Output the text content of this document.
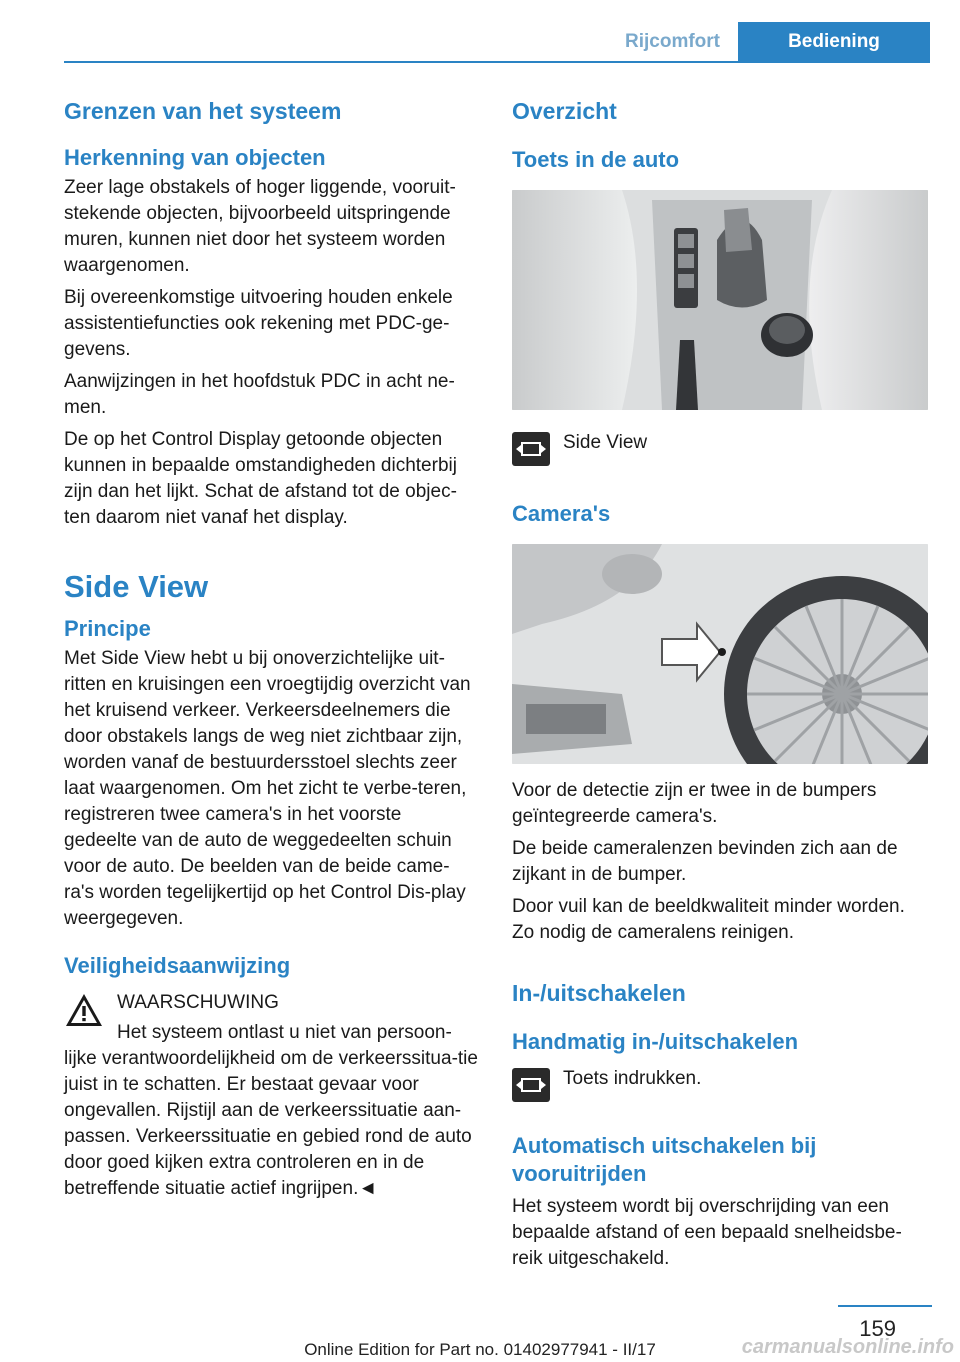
Rijcomfort	Bediening
Grenzen van het systeem
Herkenning van objecten

Zeer lage obstakels of hoger liggende, vooruit-stekende objecten, bijvoorbeeld uitspringende muren, kunnen niet door het systeem worden waargenomen.

Bij overeenkomstige uitvoering houden enkele assistentiefuncties ook rekening met PDC-ge-gevens.

Aanwijzingen in het hoofdstuk PDC in acht ne-men.

De op het Control Display getoonde objecten kunnen in bepaalde omstandigheden dichterbij zijn dan het lijkt. Schat de afstand tot de objec-ten daarom niet vanaf het display.

Side View
Principe

Met Side View hebt u bij onoverzichtelijke uit-ritten en kruisingen een vroegtijdig overzicht van het kruisend verkeer. Verkeersdeelnemers die door obstakels langs de weg niet zichtbaar zijn, worden vanaf de bestuurdersstoel slechts zeer laat waargenomen. Om het zicht te verbe-teren, registreren twee camera's in het voorste gedeelte van de auto de weggedeelten schuin voor de auto. De beelden van de beide came-ra's worden tegelijkertijd op het Control Dis-play weergegeven.

Veiligheidsaanwijzing

WAARSCHUWING

Het systeem ontlast u niet van persoon-lijke verantwoordelijkheid om de verkeerssitua-tie juist in te schatten. Er bestaat gevaar voor ongevallen. Rijstijl aan de verkeerssituatie aan-passen. Verkeerssituatie en gebied rond de auto door goed kijken extra controleren en in de betreffende situatie actief ingrijpen.◄

Overzicht
Toets in de auto

Side View

Camera's

Voor de detectie zijn er twee in de bumpers geïntegreerde camera's.

De beide cameralenzen bevinden zich aan de zijkant in de bumper.

Door vuil kan de beeldkwaliteit minder worden. Zo nodig de cameralens reinigen.

In-/uitschakelen
Handmatig in-/uitschakelen

Toets indrukken.

Automatisch uitschakelen bij vooruitrijden

Het systeem wordt bij overschrijding van een bepaalde afstand of een bepaald snelheidsbe-reik uitgeschakeld.

159
Online Edition for Part no. 01402977941 - II/17	carmanualsonline.info
